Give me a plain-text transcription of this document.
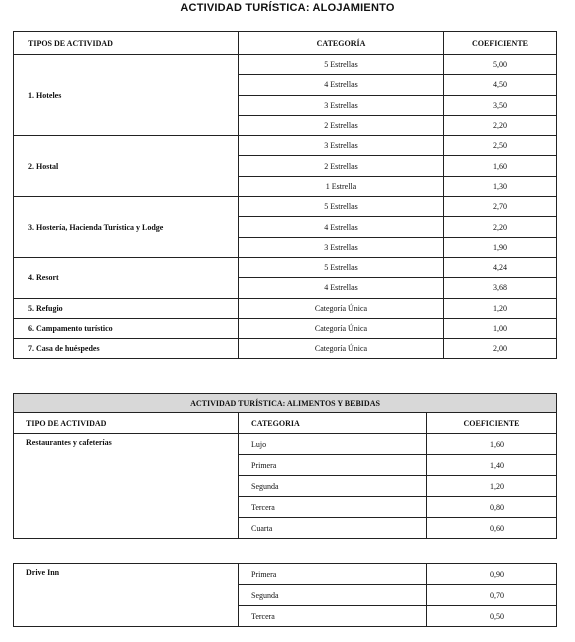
ACTIVIDAD TURÍSTICA: ALOJAMIENTO
TIPOS DE ACTIVIDAD	CATEGORÍA	COEFICIENTE
1. Hoteles	5 Estrellas	5,00
	4 Estrellas	4,50
	3 Estrellas	3,50
	2 Estrellas	2,20
2. Hostal	3 Estrellas	2,50
	2 Estrellas	1,60
	1 Estrella	1,30
3. Hostería, Hacienda Turística y Lodge	5 Estrellas	2,70
	4 Estrellas	2,20
	3 Estrellas	1,90
4. Resort	5 Estrellas	4,24
	4 Estrellas	3,68
5. Refugio	Categoría Única	1,20
6. Campamento turístico	Categoría Única	1,00
7. Casa de huéspedes	Categoría Única	2,00
ACTIVIDAD TURÍSTICA: ALIMENTOS Y BEBIDAS		
TIPO DE ACTIVIDAD	CATEGORIA	COEFICIENTE
Restaurantes y cafeterías	Lujo	1,60
	Primera	1,40
	Segunda	1,20
	Tercera	0,80
	Cuarta	0,60
Drive Inn	Primera	0,90
	Segunda	0,70
	Tercera	0,50
